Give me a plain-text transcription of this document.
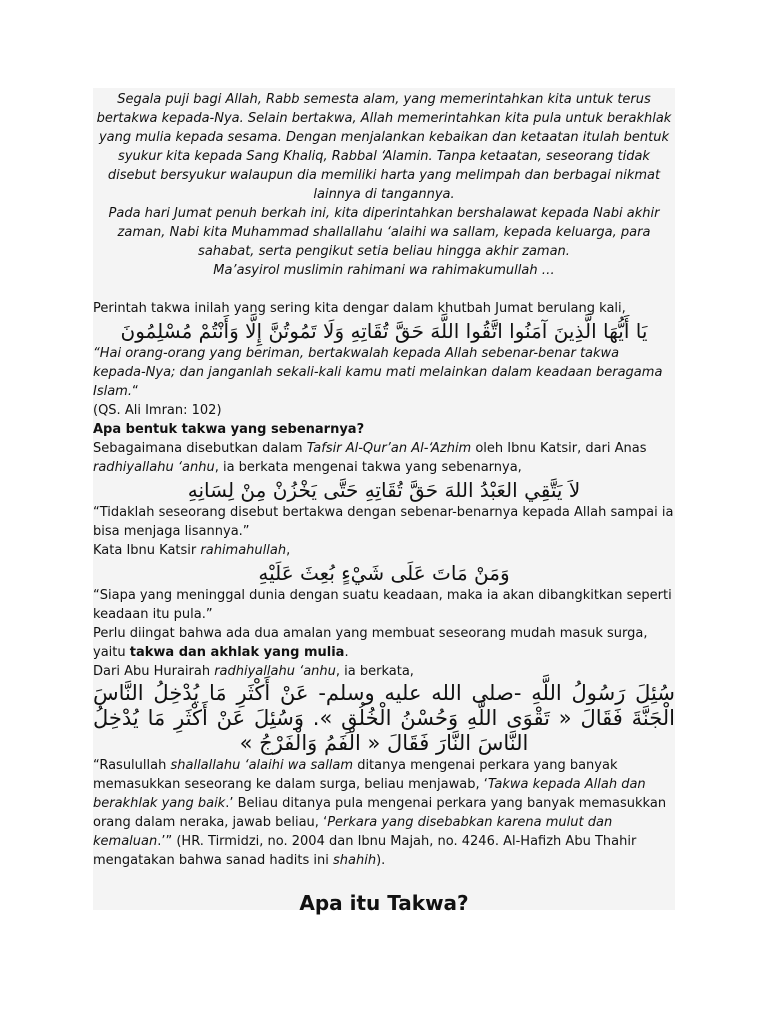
Segala puji bagi Allah, Rabb semesta alam, yang memerintahkan kita untuk terus bertakwa kepada-Nya. Selain bertakwa, Allah memerintahkan kita pula untuk berakhlak yang mulia kepada sesama. Dengan menjalankan kebaikan dan ketaatan itulah bentuk syukur kita kepada Sang Khaliq, Rabbal ‘Alamin. Tanpa ketaatan, seseorang tidak disebut bersyukur walaupun dia memiliki harta yang melimpah dan berbagai nikmat lainnya di tangannya.

Pada hari Jumat penuh berkah ini, kita diperintahkan bershalawat kepada Nabi akhir zaman, Nabi kita Muhammad shallallahu ‘alaihi wa sallam, kepada keluarga, para sahabat, serta pengikut setia beliau hingga akhir zaman.

Ma’asyirol muslimin rahimani wa rahimakumullah …

Perintah takwa inilah yang sering kita dengar dalam khutbah Jumat berulang kali,

يَا أَيُّهَا الَّذِينَ آمَنُوا اتَّقُوا اللَّهَ حَقَّ تُقَاتِهِ وَلَا تَمُوتُنَّ إِلَّا وَأَنْتُمْ مُسْلِمُونَ

“Hai orang-orang yang beriman, bertakwalah kepada Allah sebenar-benar takwa kepada-Nya; dan janganlah sekali-kali kamu mati melainkan dalam keadaan beragama Islam.“

(QS. Ali Imran: 102)

Apa bentuk takwa yang sebenarnya?

Sebagaimana disebutkan dalam Tafsir Al-Qur’an Al-‘Azhim oleh Ibnu Katsir, dari Anas radhiyallahu ‘anhu, ia berkata mengenai takwa yang sebenarnya,

لاَ يَتَّقِي العَبْدُ اللهَ حَقَّ تُقَاتِهِ حَتَّى يَخْزُنْ مِنْ لِسَانِهِ

“Tidaklah seseorang disebut bertakwa dengan sebenar-benarnya kepada Allah sampai ia bisa menjaga lisannya.”

Kata Ibnu Katsir rahimahullah,

وَمَنْ مَاتَ عَلَى شَيْءٍ بُعِثَ عَلَيْهِ

“Siapa yang meninggal dunia dengan suatu keadaan, maka ia akan dibangkitkan seperti keadaan itu pula.”

Perlu diingat bahwa ada dua amalan yang membuat seseorang mudah masuk surga, yaitu takwa dan akhlak yang mulia.

Dari Abu Hurairah radhiyallahu ‘anhu, ia berkata,

سُئِلَ رَسُولُ اللَّهِ -صلى الله عليه وسلم- عَنْ أَكْثَرِ مَا يُدْخِلُ النَّاسَ الْجَنَّةَ فَقَالَ « تَقْوَى اللَّهِ وَحُسْنُ الْخُلُقِ ». وَسُئِلَ عَنْ أَكْثَرِ مَا يُدْخِلُ النَّاسَ النَّارَ فَقَالَ « الْفَمُ وَالْفَرْجُ »

“Rasulullah shallallahu ‘alaihi wa sallam ditanya mengenai perkara yang banyak memasukkan seseorang ke dalam surga, beliau menjawab, ‘Takwa kepada Allah dan berakhlak yang baik.’ Beliau ditanya pula mengenai perkara yang banyak memasukkan orang dalam neraka, jawab beliau, ‘Perkara yang disebabkan karena mulut dan kemaluan.’” (HR. Tirmidzi, no. 2004 dan Ibnu Majah, no. 4246. Al-Hafizh Abu Thahir mengatakan bahwa sanad hadits ini shahih).

Apa itu Takwa?
